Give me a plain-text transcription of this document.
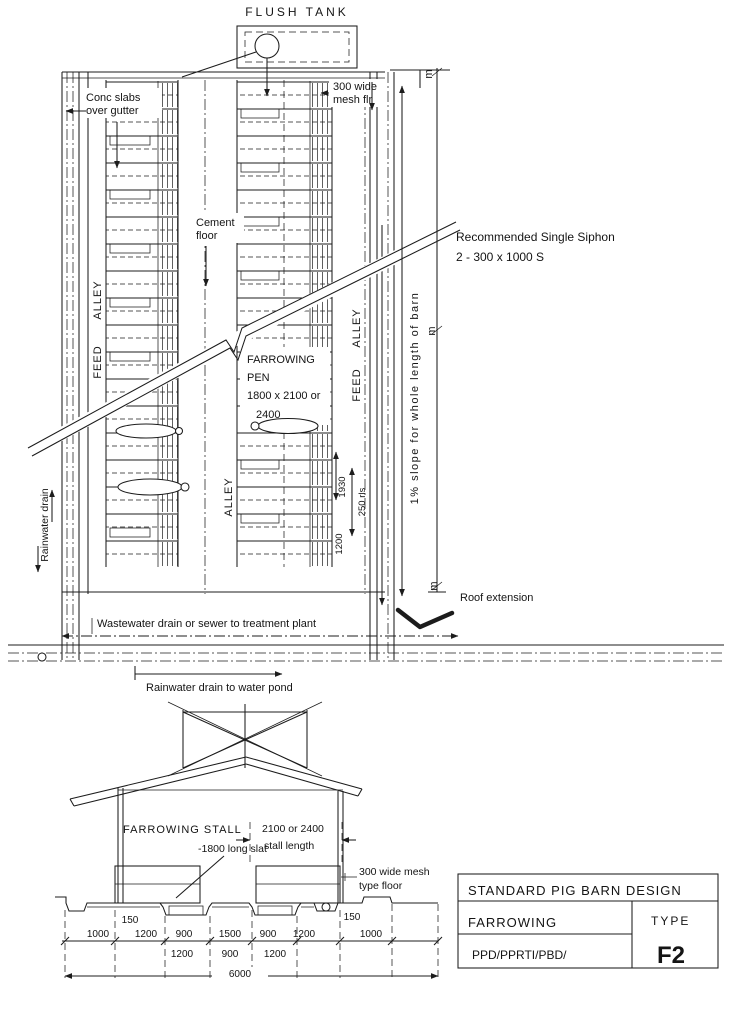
FLUSH TANK
Conc slabs
over gutter
300 wide
mesh flr
Cement
floor	Recommended Single Siphon
2 - 300 x 1000 S
ALLEY
FEED
ALLEY
ALLEY
FEED
FARROWING
PEN
1800 x 2100 or
2400	1% slope for whole length of barn
m
m
m
1930
250 rls
1200
Rainwater drain
Roof extension
Wastewater drain or sewer to treatment plant
Rainwater drain to water pond
FARROWING STALL
-1800 long slat
2100 or 2400
stall length
300 wide mesh
type floor
150	150
1000	1200 900	1500 900 1200	1000
1200	900	1200
6000
STANDARD PIG BARN DESIGN
FARROWING	TYPE
PPD/PPRTI/PBD/	F2
